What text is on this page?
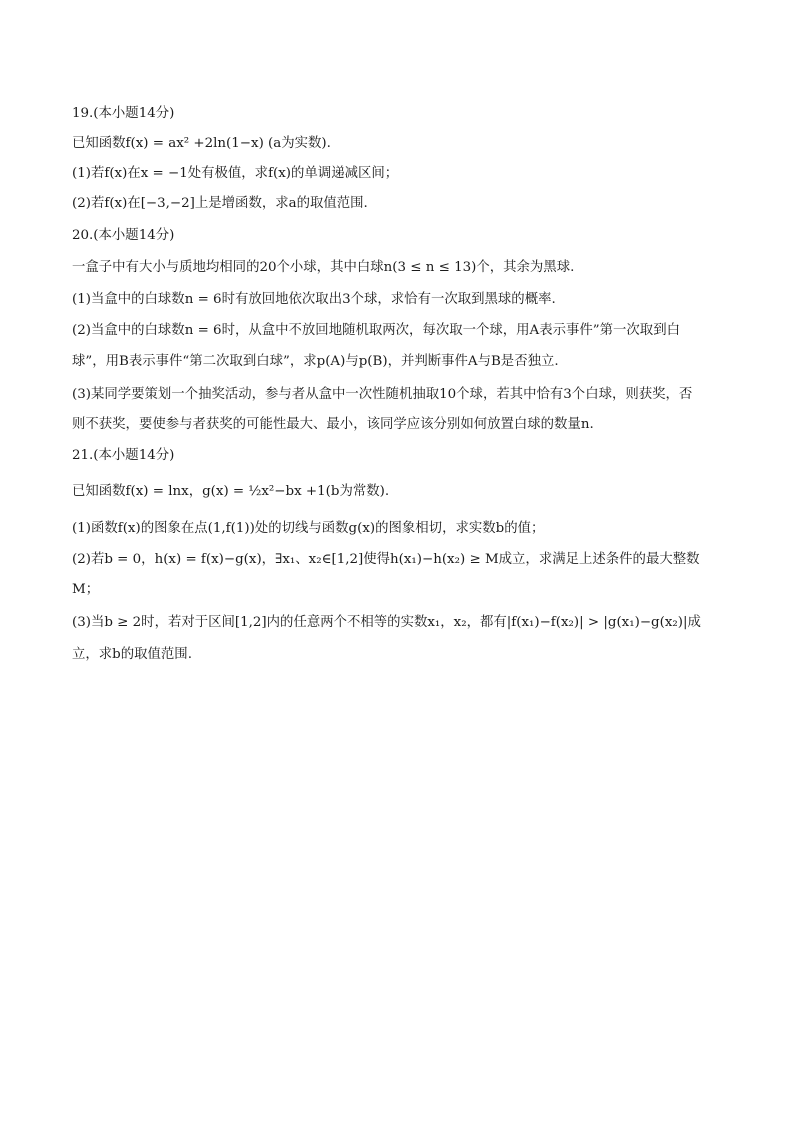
19.(本小题14分)
已知函数f(x) = ax² +2ln(1−x) (a为实数).
(1)若f(x)在x = −1处有极值，求f(x)的单调递减区间；
(2)若f(x)在[−3,−2]上是增函数，求a的取值范围.
20.(本小题14分)
一盒子中有大小与质地均相同的20个小球，其中白球n(3 ≤ n ≤ 13)个，其余为黑球.
(1)当盒中的白球数n = 6时有放回地依次取出3个球，求恰有一次取到黑球的概率.
(2)当盒中的白球数n = 6时，从盒中不放回地随机取两次，每次取一个球，用A表示事件”第一次取到白
球”，用B表示事件“第二次取到白球”，求p(A)与p(B)，并判断事件A与B是否独立.
(3)某同学要策划一个抽奖活动，参与者从盒中一次性随机抽取10个球，若其中恰有3个白球，则获奖，否
则不获奖，要使参与者获奖的可能性最大、最小，该同学应该分别如何放置白球的数量n.
21.(本小题14分)
已知函数f(x) = lnx，g(x) = ½x²−bx +1(b为常数).
(1)函数f(x)的图象在点(1,f(1))处的切线与函数g(x)的图象相切，求实数b的值；
(2)若b = 0，h(x) = f(x)−g(x)，∃x₁、x₂∈[1,2]使得h(x₁)−h(x₂) ≥ M成立，求满足上述条件的最大整数
M；
(3)当b ≥ 2时，若对于区间[1,2]内的任意两个不相等的实数x₁，x₂，都有|f(x₁)−f(x₂)| > |g(x₁)−g(x₂)|成
立，求b的取值范围.
